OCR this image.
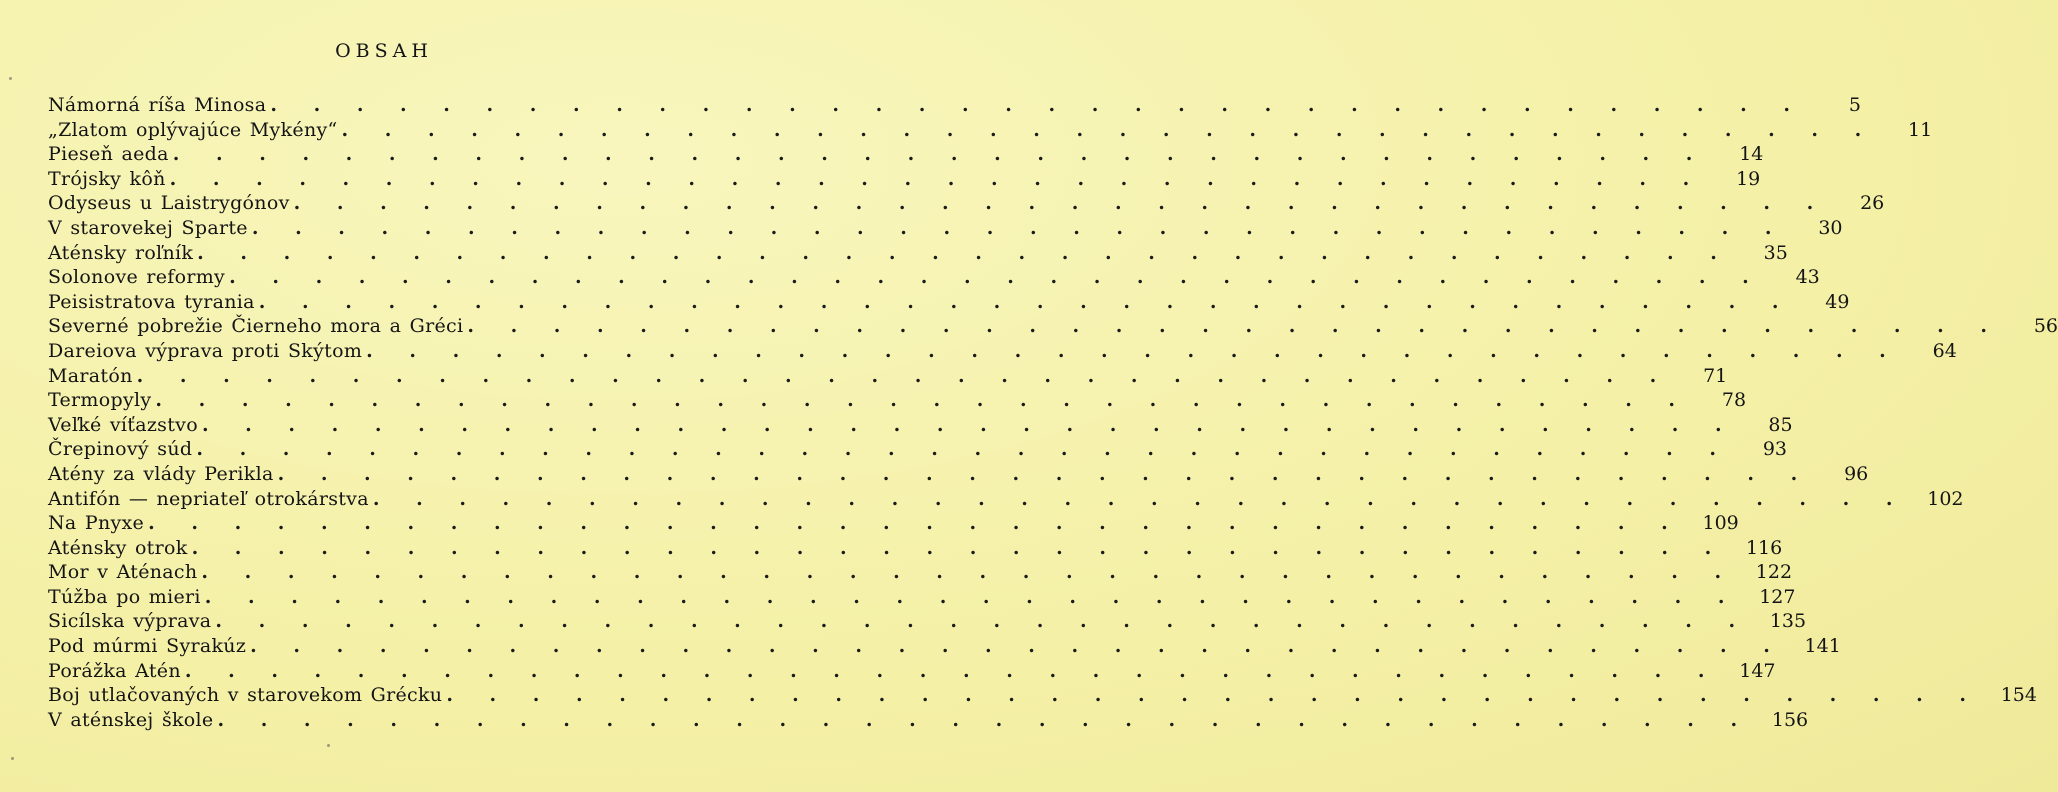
OBSAH
Námorná ríša Minosa . . . . . . . . . . . . . . . . . . . . . . . . . . . . . . . . . . . .	5
„Zlatom oplývajúce Mykény“ . . . . . . . . . . . . . . . . . . . . . . . . . . . . . . . . . . . .	11
Pieseň aeda . . . . . . . . . . . . . . . . . . . . . . . . . . . . . . . . . . . .	14
Trójsky kôň . . . . . . . . . . . . . . . . . . . . . . . . . . . . . . . . . . . .	19
Odyseus u Laistrygónov . . . . . . . . . . . . . . . . . . . . . . . . . . . . . . . . . . . .	26
V starovekej Sparte . . . . . . . . . . . . . . . . . . . . . . . . . . . . . . . . . . . .	30
Aténsky roľník . . . . . . . . . . . . . . . . . . . . . . . . . . . . . . . . . . . .	35
Solonove reformy . . . . . . . . . . . . . . . . . . . . . . . . . . . . . . . . . . . .	43
Peisistratova tyrania . . . . . . . . . . . . . . . . . . . . . . . . . . . . . . . . . . . .	49
Severné pobrežie Čierneho mora a Gréci . . . . . . . . . . . . . . . . . . . . . . . . . . . . . . . . . . . .	56
Dareiova výprava proti Skýtom . . . . . . . . . . . . . . . . . . . . . . . . . . . . . . . . . . . .	64
Maratón . . . . . . . . . . . . . . . . . . . . . . . . . . . . . . . . . . . .	71
Termopyly . . . . . . . . . . . . . . . . . . . . . . . . . . . . . . . . . . . .	78
Veľké víťazstvo . . . . . . . . . . . . . . . . . . . . . . . . . . . . . . . . . . . .	85
Črepinový súd . . . . . . . . . . . . . . . . . . . . . . . . . . . . . . . . . . . .	93
Atény za vlády Perikla . . . . . . . . . . . . . . . . . . . . . . . . . . . . . . . . . . . .	96
Antifón — nepriateľ otrokárstva . . . . . . . . . . . . . . . . . . . . . . . . . . . . . . . . . . . . 102
Na Pnyxe . . . . . . . . . . . . . . . . . . . . . . . . . . . . . . . . . . . . 109
Aténsky otrok . . . . . . . . . . . . . . . . . . . . . . . . . . . . . . . . . . . . 116
Mor v Aténach . . . . . . . . . . . . . . . . . . . . . . . . . . . . . . . . . . . . 122
Túžba po mieri . . . . . . . . . . . . . . . . . . . . . . . . . . . . . . . . . . . . 127
Sicílska výprava . . . . . . . . . . . . . . . . . . . . . . . . . . . . . . . . . . . . 135
Pod múrmi Syrakúz . . . . . . . . . . . . . . . . . . . . . . . . . . . . . . . . . . . . 141
Porážka Atén . . . . . . . . . . . . . . . . . . . . . . . . . . . . . . . . . . . . 147
Boj utlačovaných v starovekom Grécku . . . . . . . . . . . . . . . . . . . . . . . . . . . . . . . . . . . . 154
V aténskej škole . . . . . . . . . . . . . . . . . . . . . . . . . . . . . . . . . . . . 156
